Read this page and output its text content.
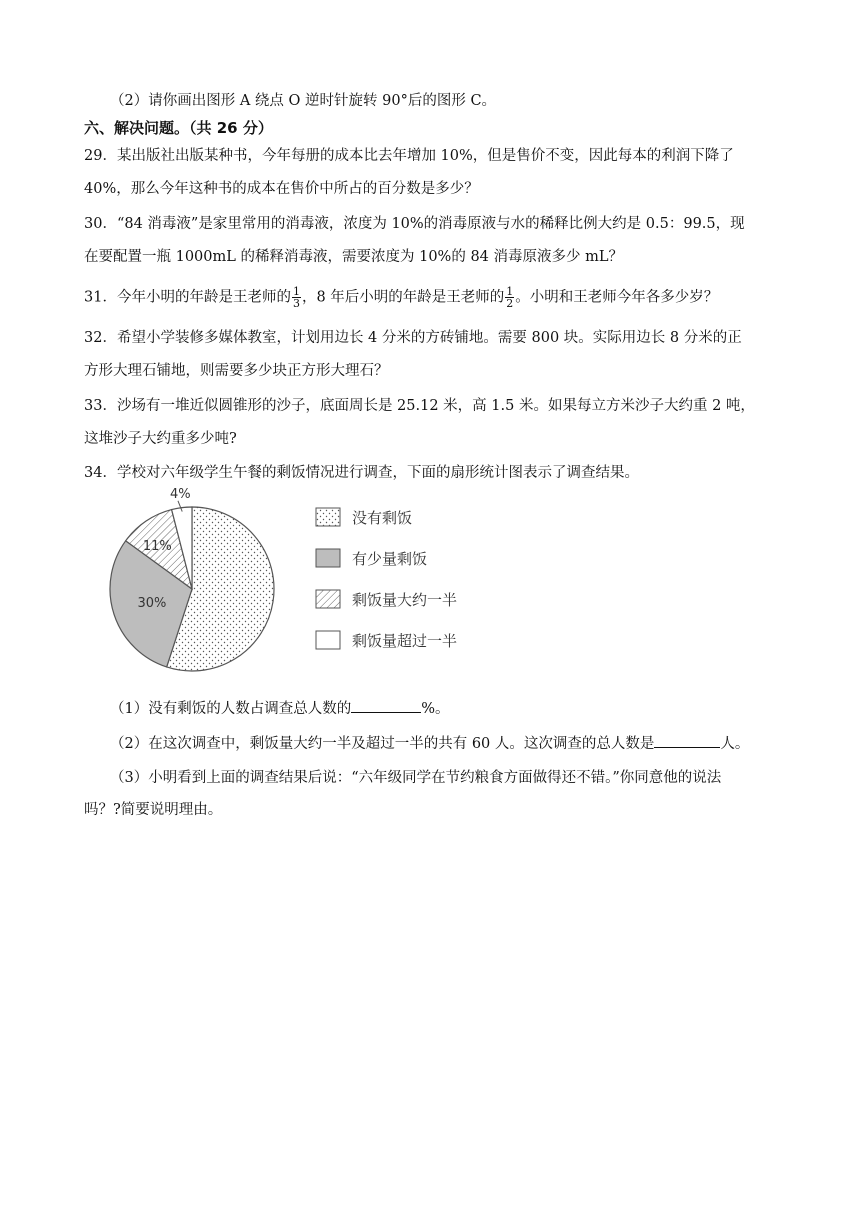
（2）请你画出图形 A 绕点 O 逆时针旋转 90°后的图形 C。
六、解决问题。（共 26 分）
29．某出版社出版某种书，今年每册的成本比去年增加 10%，但是售价不变，因此每本的利润下降了
40%，那么今年这种书的成本在售价中所占的百分数是多少？
30．“84 消毒液”是家里常用的消毒液，浓度为 10%的消毒原液与水的稀释比例大约是 0.5：99.5，现
在要配置一瓶 1000mL 的稀释消毒液，需要浓度为 10%的 84 消毒原液多少 mL？
31．今年小明的年龄是王老师的 $\frac{1}{3}$ ，8 年后小明的年龄是王老师的 $\frac{1}{2}$ 。小明和王老师今年各多少岁？
32．希望小学装修多媒体教室，计划用边长 4 分米的方砖铺地。需要 800 块。实际用边长 8 分米的正
方形大理石铺地，则需要多少块正方形大理石？
33．沙场有一堆近似圆锥形的沙子，底面周长是 25.12 米，高 1.5 米。如果每立方米沙子大约重 2 吨，
这堆沙子大约重多少吨?
34．学校对六年级学生午餐的剩饭情况进行调查，下面的扇形统计图表示了调查结果。
30%
11%
4%
没有剩饭
有少量剩饭
剩饭量大约一半
剩饭量超过一半
（1）没有剩饭的人数占调查总人数的	%。
（2）在这次调查中，剩饭量大约一半及超过一半的共有 60 人。这次调查的总人数是	人。
（3）小明看到上面的调查结果后说：“六年级同学在节约粮食方面做得还不错。”你同意他的说法
吗？?简要说明理由。
